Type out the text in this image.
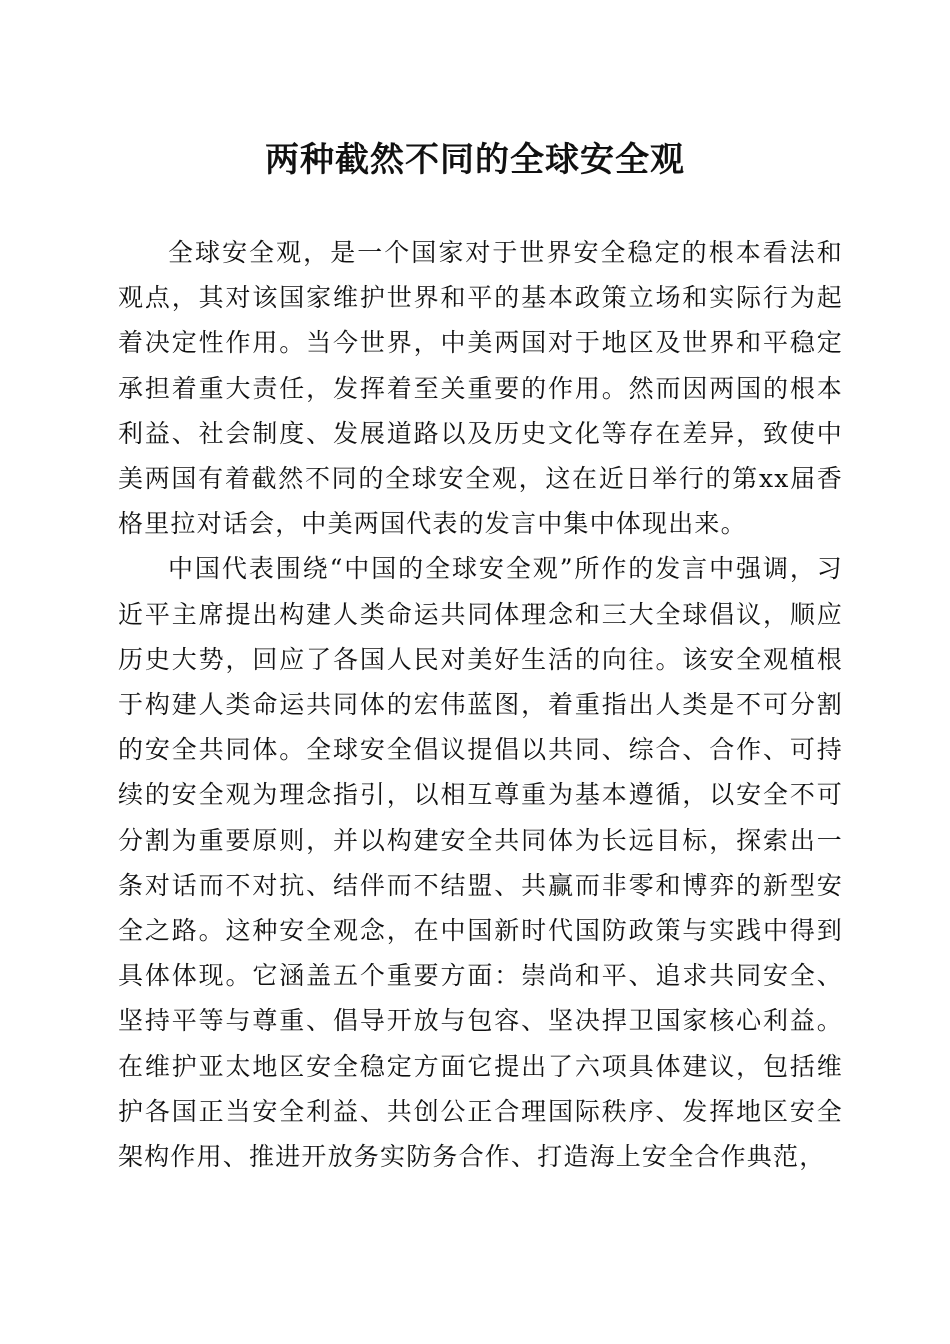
两种截然不同的全球安全观

全球安全观，是一个国家对于世界安全稳定的根本看法和观点，其对该国家维护世界和平的基本政策立场和实际行为起着决定性作用。当今世界，中美两国对于地区及世界和平稳定承担着重大责任，发挥着至关重要的作用。然而因两国的根本利益、社会制度、发展道路以及历史文化等存在差异，致使中美两国有着截然不同的全球安全观，这在近日举行的第xx届香格里拉对话会，中美两国代表的发言中集中体现出来。

中国代表围绕“中国的全球安全观”所作的发言中强调，习近平主席提出构建人类命运共同体理念和三大全球倡议，顺应历史大势，回应了各国人民对美好生活的向往。该安全观植根于构建人类命运共同体的宏伟蓝图，着重指出人类是不可分割的安全共同体。全球安全倡议提倡以共同、综合、合作、可持续的安全观为理念指引，以相互尊重为基本遵循，以安全不可分割为重要原则，并以构建安全共同体为长远目标，探索出一条对话而不对抗、结伴而不结盟、共赢而非零和博弈的新型安全之路。这种安全观念，在中国新时代国防政策与实践中得到具体体现。它涵盖五个重要方面：崇尚和平、追求共同安全、坚持平等与尊重、倡导开放与包容、坚决捍卫国家核心利益。在维护亚太地区安全稳定方面它提出了六项具体建议，包括维护各国正当安全利益、共创公正合理国际秩序、发挥地区安全架构作用、推进开放务实防务合作、打造海上安全合作典范，
